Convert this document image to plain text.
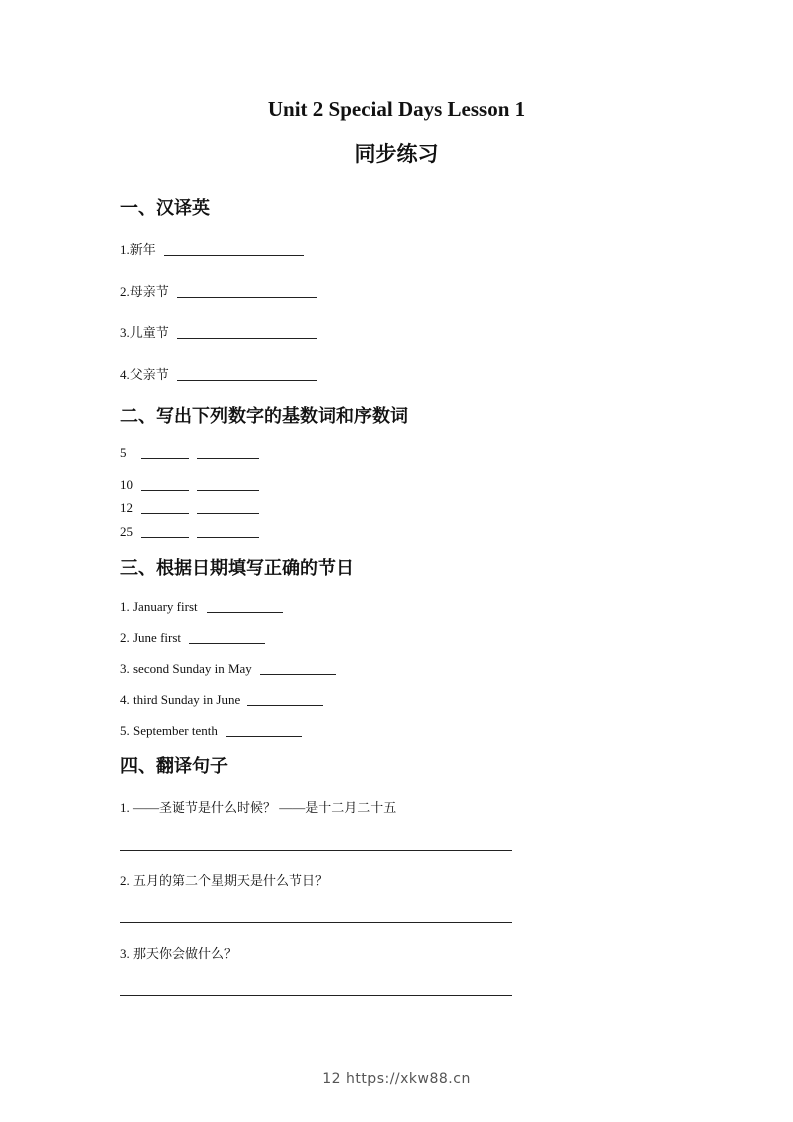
Unit 2 Special Days Lesson 1
同步练习
一、汉译英
1.新年
2.母亲节
3.儿童节
4.父亲节
二、写出下列数字的基数词和序数词
5
10
12
25
三、根据日期填写正确的节日
1. January first
2. June first
3. second Sunday in May
4. third Sunday in June
5. September tenth
四、翻译句子
1. ——圣诞节是什么时候？ ——是十二月二十五
2. 五月的第二个星期天是什么节日？
3. 那天你会做什么？
12 https://xkw88.cn
